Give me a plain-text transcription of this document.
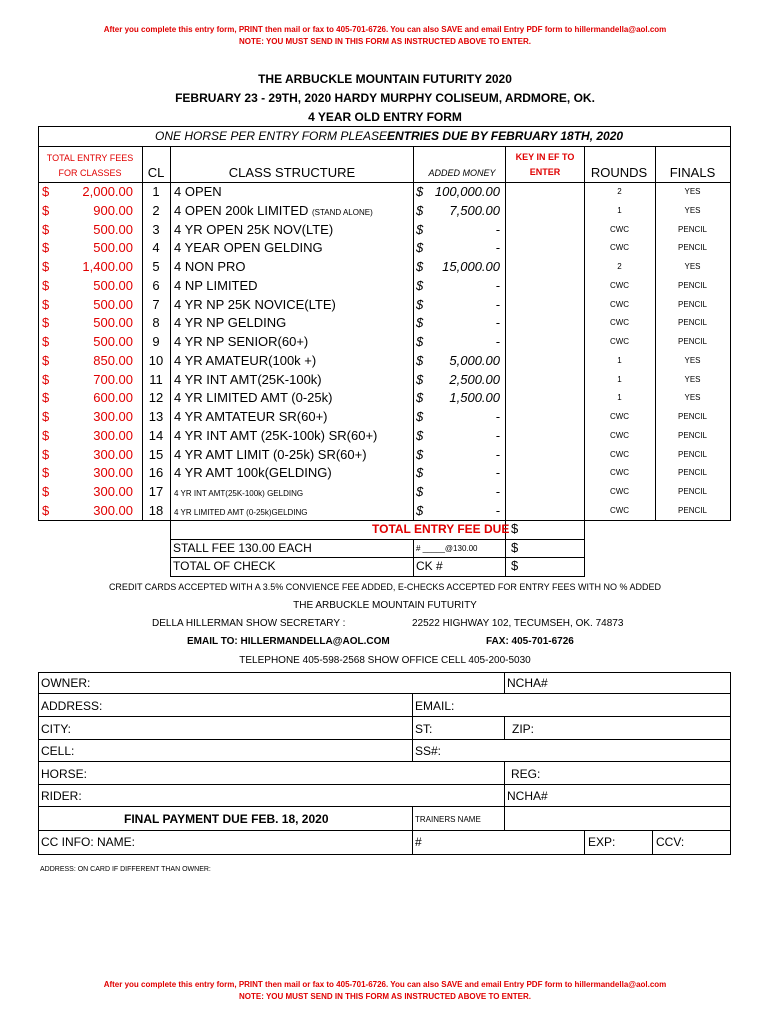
After you complete this entry form, PRINT then mail or fax to 405-701-6726. You can also SAVE and email Entry PDF form to hillermandella@aol.com
NOTE: YOU MUST SEND IN THIS FORM AS INSTRUCTED ABOVE TO ENTER.
THE ARBUCKLE MOUNTAIN FUTURITY 2020
FEBRUARY 23 - 29TH, 2020 HARDY MURPHY COLISEUM, ARDMORE, OK.
4 YEAR OLD ENTRY FORM
ONE HORSE PER ENTRY FORM PLEASE ENTRIES DUE BY FEBRUARY 18TH, 2020
TOTAL ENTRY FEES
FOR CLASSES	CL	CLASS STRUCTURE	ADDED MONEY
KEY IN EF TO
ENTER	ROUNDS	FINALS
$	2,000.00	1	4 OPEN	$ 100,000.00	2	YES
$	900.00	2	4 OPEN 200k LIMITED (STAND ALONE)	$	7,500.00	1	YES
$	500.00	3	4 YR OPEN 25K NOV(LTE)	$	-	CWC	PENCIL
$	500.00	4	4 YEAR OPEN GELDING	$	-	CWC	PENCIL
$	1,400.00	5	4 NON PRO	$	15,000.00	2	YES
$	500.00	6	4 NP LIMITED	$	-	CWC	PENCIL
$	500.00	7	4 YR NP 25K NOVICE(LTE)	$	-	CWC	PENCIL
$	500.00	8	4 YR NP GELDING	$	-	CWC	PENCIL
$	500.00	9	4 YR NP SENIOR(60+)	$	-	CWC	PENCIL
$	850.00	10 4 YR AMATEUR(100k +)	$	5,000.00	1	YES
$	700.00	11 4 YR INT AMT(25K-100k)	$	2,500.00	1	YES
$	600.00	12 4 YR LIMITED AMT (0-25k)	$	1,500.00	1	YES
$	300.00	13 4 YR AMTATEUR SR(60+)	$	-	CWC	PENCIL
$	300.00	14 4 YR INT AMT (25K-100k) SR(60+)	$	-	CWC	PENCIL
$	300.00	15 4 YR AMT LIMIT (0-25k) SR(60+)	$	-	CWC	PENCIL
$	300.00	16 4 YR AMT 100k(GELDING)	$	-	CWC	PENCIL
$	300.00	17	4 YR INT AMT(25K-100k) GELDING	$	-	CWC	PENCIL
$	300.00	18	4 YR LIMITED AMT (0-25k)GELDING	$	-	CWC	PENCIL
TOTAL ENTRY FEE DUE $
STALL FEE 130.00 EACH	# _____@130.00	$
TOTAL OF CHECK	CK #	$
CREDIT CARDS ACCEPTED WITH A 3.5% CONVIENCE FEE ADDED, E-CHECKS ACCEPTED FOR ENTRY FEES WITH NO % ADDED
THE ARBUCKLE MOUNTAIN FUTURITY
DELLA HILLERMAN SHOW SECRETARY :	22522 HIGHWAY 102, TECUMSEH, OK. 74873
EMAIL TO: HILLERMANDELLA@AOL.COM	FAX: 405-701-6726
TELEPHONE 405-598-2568 SHOW OFFICE CELL 405-200-5030
OWNER:	NCHA#
ADDRESS:	EMAIL:
CITY:	ST:	ZIP:
CELL:	SS#:
HORSE:	REG:
RIDER:	NCHA#
FINAL PAYMENT DUE FEB. 18, 2020	TRAINERS NAME
CC INFO: NAME:	#	EXP:	CCV:
ADDRESS: ON CARD IF DIFFERENT THAN OWNER:
After you complete this entry form, PRINT then mail or fax to 405-701-6726. You can also SAVE and email Entry PDF form to hillermandella@aol.com
NOTE: YOU MUST SEND IN THIS FORM AS INSTRUCTED ABOVE TO ENTER.
